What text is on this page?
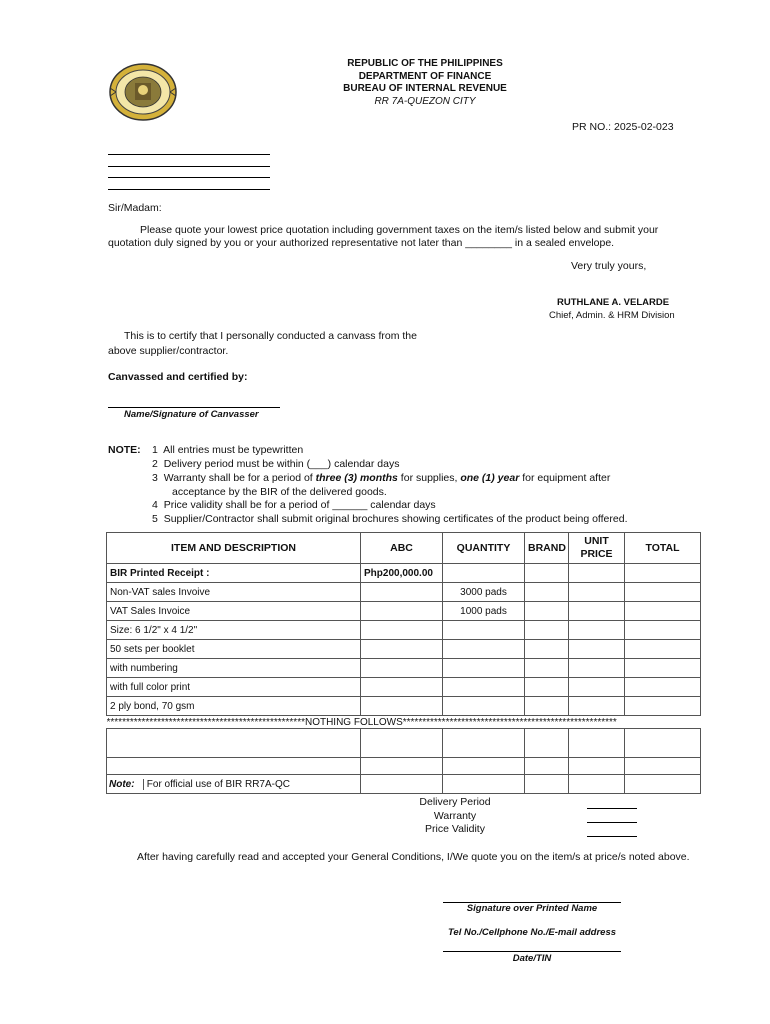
REPUBLIC OF THE PHILIPPINES
DEPARTMENT OF FINANCE
BUREAU OF INTERNAL REVENUE
RR 7A-QUEZON CITY
PR NO.: 2025-02-023
Sir/Madam:
Please quote your lowest price quotation including government taxes on the item/s listed below and submit your
quotation duly signed by you or your authorized representative not later than ________ in a sealed envelope.
Very truly yours,
RUTHLANE A. VELARDE
Chief, Admin. & HRM Division
This is to certify that I personally conducted a canvass from the
above supplier/contractor.
Canvassed and certified by:
Name/Signature of Canvasser
NOTE: 1 All entries must be typewritten
2 Delivery period must be within (___) calendar days
3 Warranty shall be for a period of three (3) months for supplies, one (1) year for equipment after
acceptance by the BIR of the delivered goods.
4 Price validity shall be for a period of ______ calendar days
5 Supplier/Contractor shall submit original brochures showing certificates of the product being offered.
ITEM AND DESCRIPTION	ABC	QUANTITY	BRAND	UNIT PRICE	TOTAL
BIR Printed Receipt :	Php200,000.00				
Non-VAT sales Invoive		3000 pads			
VAT Sales Invoice		1000 pads			
Size: 6 1/2" x 4 1/2"					
50 sets per booklet					
with numbering					
with full color print					
2 ply bond, 70 gsm					
***************************************************NOTHING FOLLOWS*******************************************************					

Note: For official use of BIR RR7A-QC					
Delivery Period
Warranty
Price Validity
After having carefully read and accepted your General Conditions, I/We quote you on the item/s at price/s noted above.
Signature over Printed Name
Tel No./Cellphone No./E-mail address
Date/TIN
